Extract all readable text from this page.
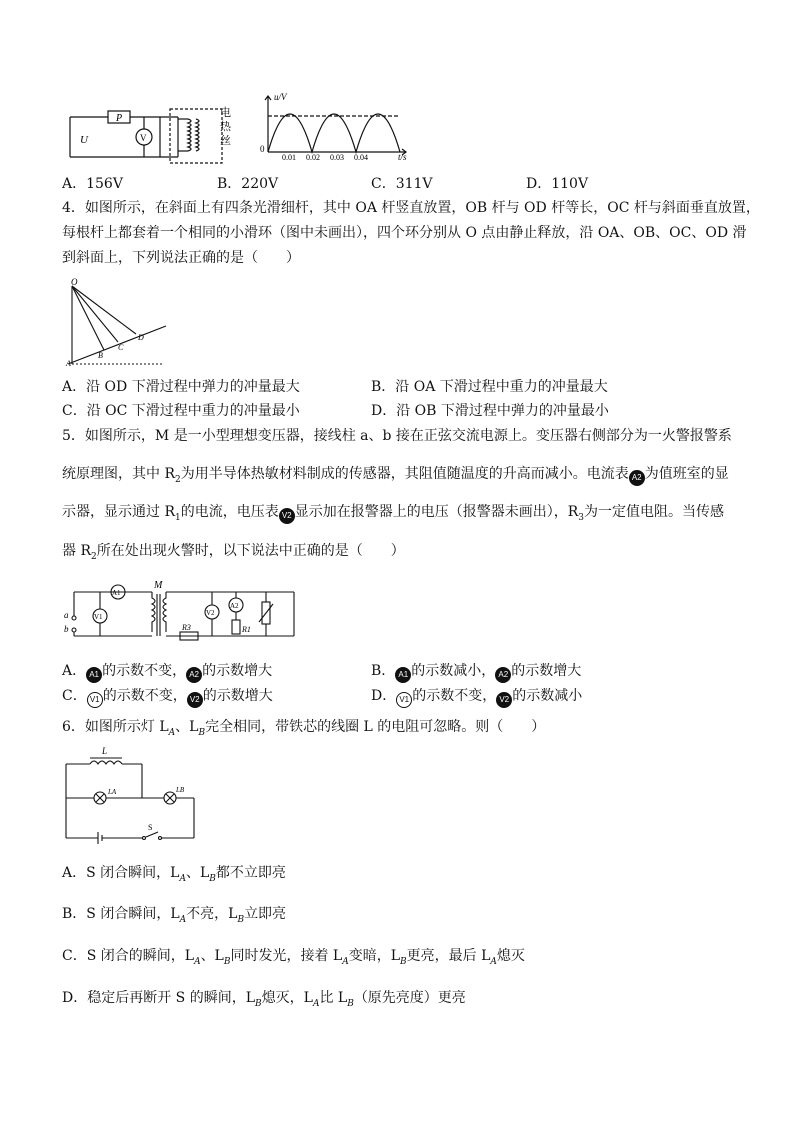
P
V
U
电热丝
u/V
t/s
0
0.01 0.02 0.03 0.04
A．156V	B．220V	C．311V	D．110V
4．如图所示，在斜面上有四条光滑细杆，其中 OA 杆竖直放置，OB 杆与 OD 杆等长，OC 杆与斜面垂直放置，
每根杆上都套着一个相同的小滑环（图中未画出），四个环分别从 O 点由静止释放，沿 OA、OB、OC、OD 滑
到斜面上，下列说法正确的是（　　）
O
A
B
C
D
A．沿 OD 下滑过程中弹力的冲量最大	B．沿 OA 下滑过程中重力的冲量最大
C．沿 OC 下滑过程中重力的冲量最小	D．沿 OB 下滑过程中弹力的冲量最小
5．如图所示，M 是一小型理想变压器，接线柱 a、b 接在正弦交流电源上。变压器右侧部分为一火警报警系
统原理图，其中 $R_2$为用半导体热敏材料制成的传感器，其阻值随温度的升高而减小。电流表 A2 为值班室的显
示器，显示通过 $R_1$的电流，电压表 V2 显示加在报警器上的电压（报警器未画出），$R_3$为一定值电阻。当传感
器 $R_2$所在处出现火警时，以下说法中正确的是（　　）
a
b
M
A1
V1	V2
A2
R1
R3
A． A1 的示数不变， A2 的示数增大	B． A1 的示数减小， A2 的示数增大
C． V1 的示数不变， V2 的示数增大	D． V1 的示数不变， V2 的示数减小
6．如图所示灯 $L_A$、$L_B$完全相同，带铁芯的线圈 L 的电阻可忽略。则（　　）
L
LA	LB
S
A．S 闭合瞬间，$L_A$、$L_B$都不立即亮
B．S 闭合瞬间，$L_A$不亮，$L_B$立即亮
C．S 闭合的瞬间，$L_A$、$L_B$同时发光，接着 $L_A$变暗，$L_B$更亮，最后 $L_A$熄灭
D．稳定后再断开 S 的瞬间，$L_B$熄灭，$L_A$比 $L_B$（原先亮度）更亮
